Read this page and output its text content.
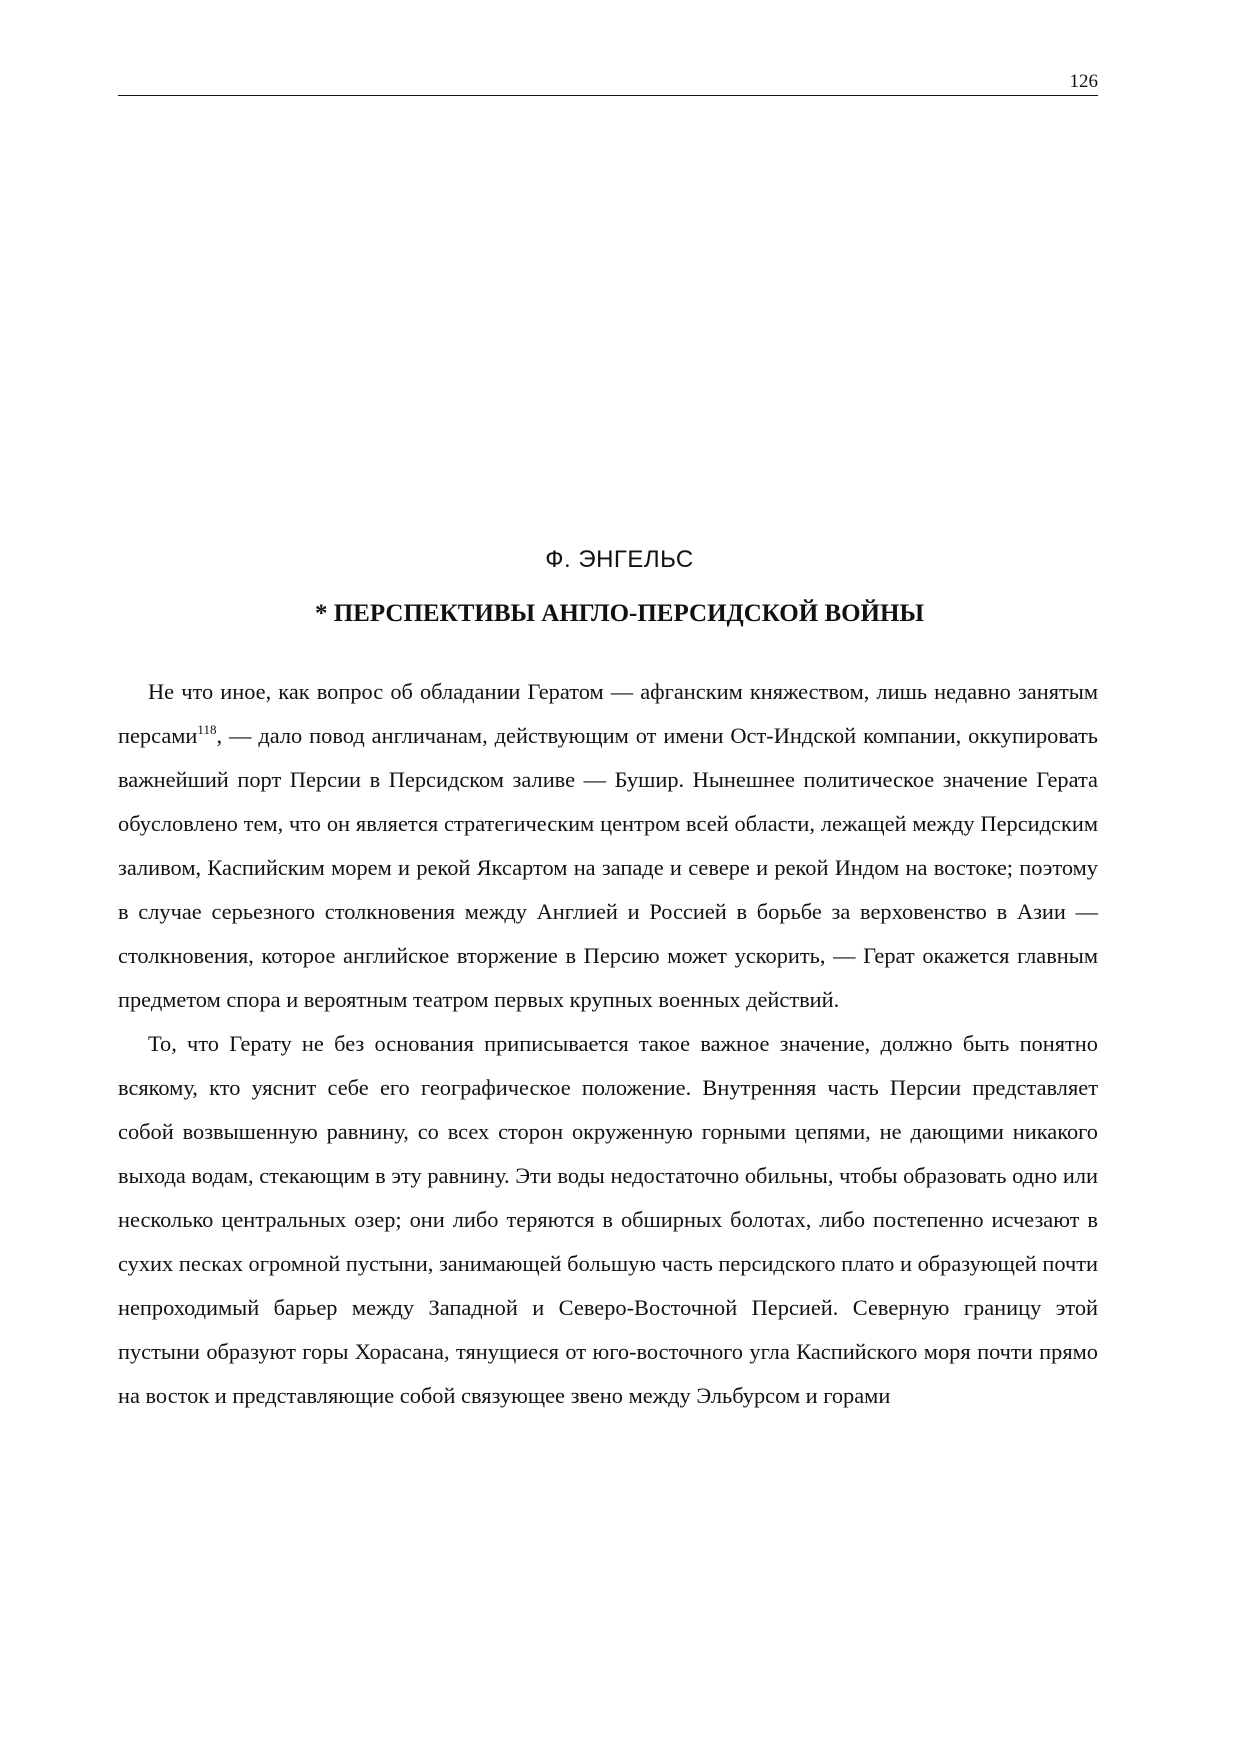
126
Ф. ЭНГЕЛЬС
* ПЕРСПЕКТИВЫ АНГЛО-ПЕРСИДСКОЙ ВОЙНЫ

Не что иное, как вопрос об обладании Гератом — афганским княжеством, лишь недавно занятым персами$^{118}$, — дало повод англичанам, действующим от имени Ост-Индской компании, оккупировать важнейший порт Персии в Персидском заливе — Бушир. Нынешнее политическое значение Герата обусловлено тем, что он является стратегическим центром всей области, лежащей между Персидским заливом, Каспийским морем и рекой Яксартом на западе и севере и рекой Индом на востоке; поэтому в случае серьезного столкновения между Англией и Россией в борьбе за верховенство в Азии — столкновения, которое английское вторжение в Персию может ускорить, — Герат окажется главным предметом спора и вероятным театром первых крупных военных действий.

То, что Герату не без основания приписывается такое важное значение, должно быть понятно всякому, кто уяснит себе его географическое положение. Внутренняя часть Персии представляет собой возвышенную равнину, со всех сторон окруженную горными цепями, не дающими никакого выхода водам, стекающим в эту равнину. Эти воды недостаточно обильны, чтобы образовать одно или несколько центральных озер; они либо теряются в обширных болотах, либо постепенно исчезают в сухих песках огромной пустыни, занимающей большую часть персидского плато и образующей почти непроходимый барьер между Западной и Северо-Восточной Персией. Северную границу этой пустыни образуют горы Хорасана, тянущиеся от юго-восточного угла Каспийского моря почти прямо на восток и представляющие собой связующее звено между Эльбурсом и горами
